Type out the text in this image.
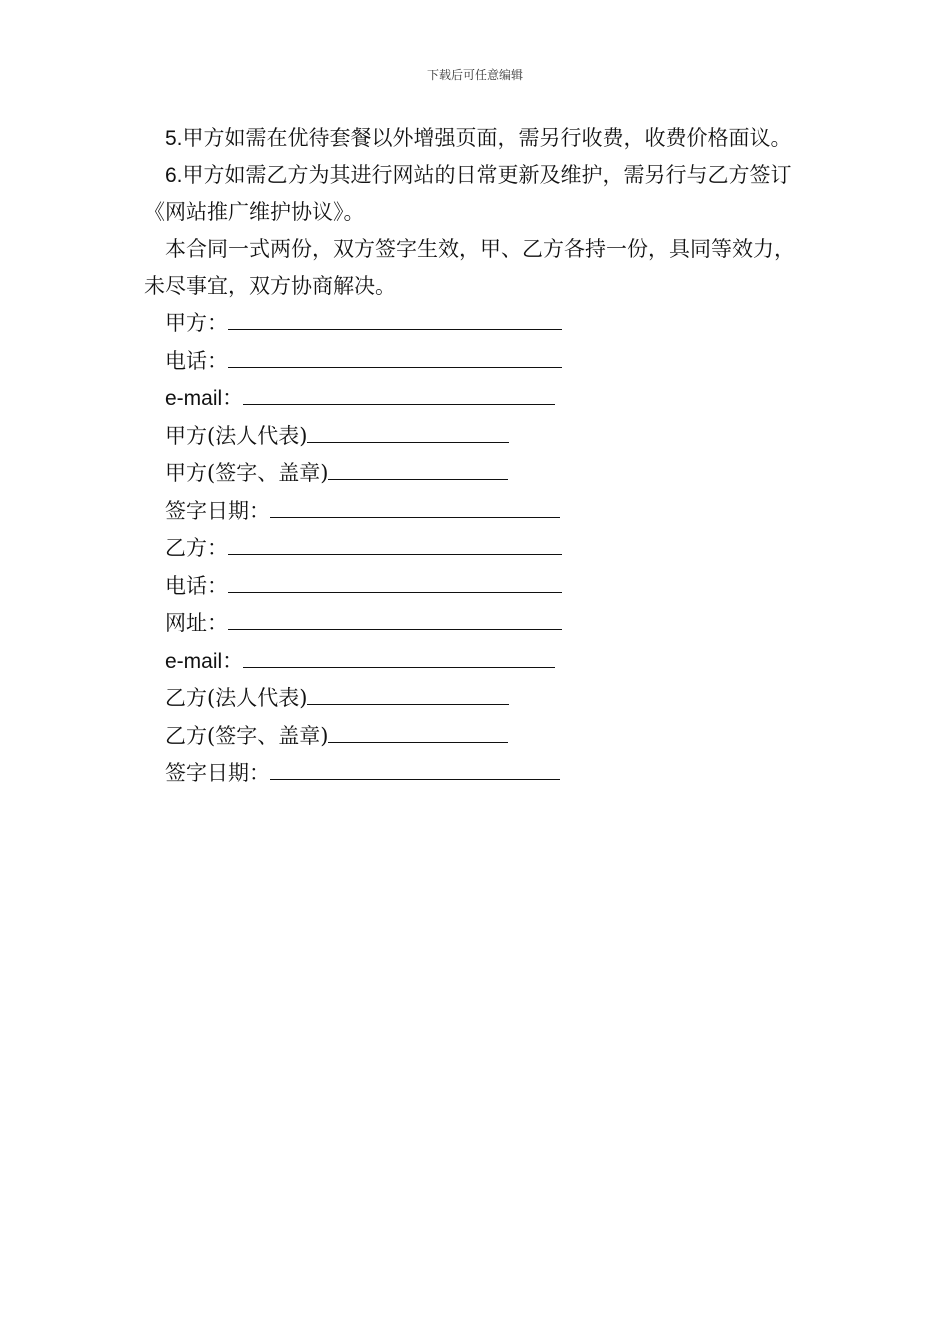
下载后可任意编辑

5.甲方如需在优待套餐以外增强页面，需另行收费，收费价格面议。

6.甲方如需乙方为其进行网站的日常更新及维护，需另行与乙方签订《网站推广维护协议》。

本合同一式两份，双方签字生效，甲、乙方各持一份，具同等效力，未尽事宜，双方协商解决。

甲方：
电话：
e-mail：
甲方(法人代表)
甲方(签字、盖章)
签字日期：
乙方：
电话：
网址：
e-mail：
乙方(法人代表)
乙方(签字、盖章)
签字日期：
